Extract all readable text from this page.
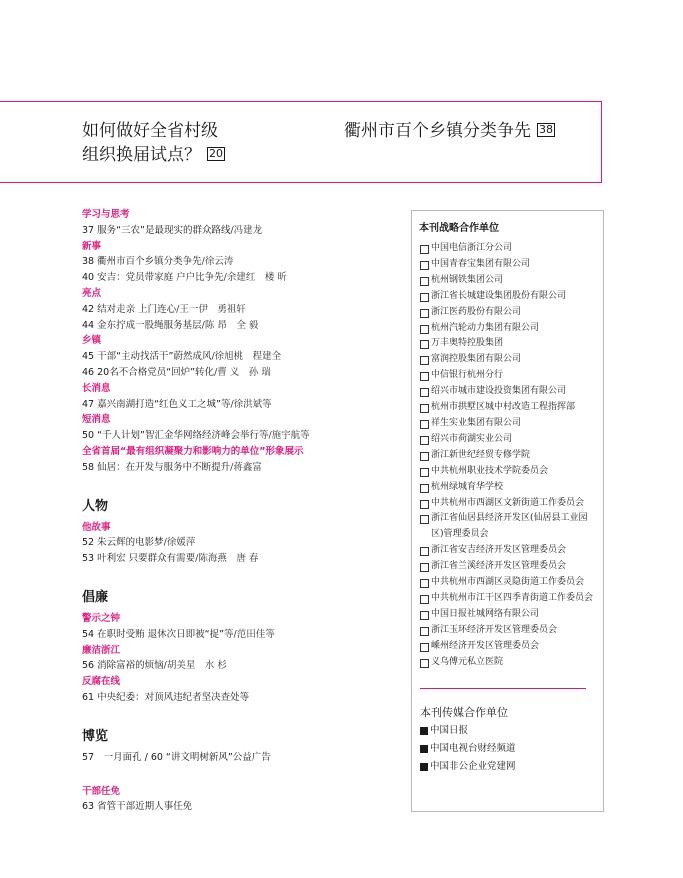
如何做好全省村级
组织换届试点？ 20
衢州市百个乡镇分类争先 38
学习与思考
37 服务“三农”是最现实的群众路线/冯建龙
新事
38 衢州市百个乡镇分类争先/徐云涛
40 安吉：党员带家庭 户户比争先/余建红　楼 昕
亮点
42 结对走亲 上门连心/王一伊　勇祖轩
44 金东拧成一股绳服务基层/陈 昂　全 毅
乡镇
45 干部“主动找活干”蔚然成风/徐旭桃　程建全
46 20名不合格党员“回炉”转化/曹 义　孙 瑞
长消息
47 嘉兴南湖打造“红色义工之城”等/徐洪斌等
短消息
50 “千人计划”智汇金华网络经济峰会举行等/施宇航等
全省首届“最有组织凝聚力和影响力的单位”形象展示
58 仙居：在开发与服务中不断提升/蒋鑫富
人物
他故事
52 朱云辉的电影梦/徐媛萍
53 叶利宏 只要群众有需要/陈海燕　唐 春
倡廉
警示之钟
54 在职时受贿 退休次日即被“捉”等/范田佳等
廉洁浙江
56 消除富裕的烦恼/胡美星　水 杉
反腐在线
61 中央纪委：对顶风违纪者坚决查处等
博览
57　一月面孔 / 60 “讲文明树新风”公益广告
干部任免
63 省管干部近期人事任免
本刊战略合作单位
中国电信浙江分公司
中国青春宝集团有限公司
杭州钢铁集团公司
浙江省长城建设集团股份有限公司
浙江医药股份有限公司
杭州汽轮动力集团有限公司
万丰奥特控股集团
富润控股集团有限公司
中信银行杭州分行
绍兴市城市建设投资集团有限公司
杭州市拱墅区城中村改造工程指挥部
祥生实业集团有限公司
绍兴市荷湖实业公司
浙江新世纪经贸专修学院
中共杭州职业技术学院委员会
杭州绿城育华学校
中共杭州市西湖区文新街道工作委员会
浙江省仙居县经济开发区(仙居县工业园区)管理委员会
浙江省安吉经济开发区管理委员会
浙江省兰溪经济开发区管理委员会
中共杭州市西湖区灵隐街道工作委员会
中共杭州市江干区四季青街道工作委员会
中国日报社城网络有限公司
浙江玉环经济开发区管理委员会
嵊州经济开发区管理委员会
义乌傅元私立医院
本刊传媒合作单位
中国日报
中国电视台财经频道
中国非公企业党建网
